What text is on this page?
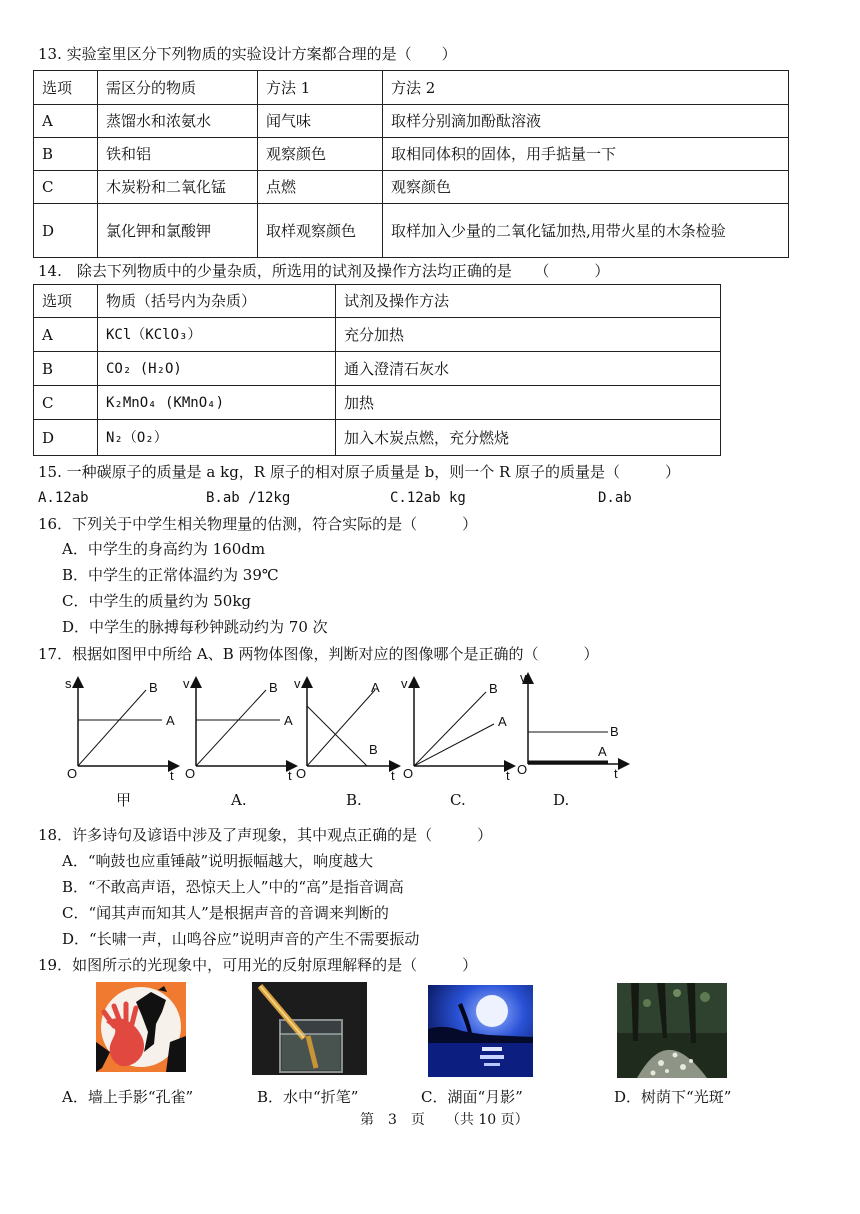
13. 实验室里区分下列物质的实验设计方案都合理的是（　　）
选项	需区分的物质	方法 1	方法 2
A	蒸馏水和浓氨水	闻气味	取样分别滴加酚酞溶液
B	铁和铝	观察颜色	取相同体积的固体，用手掂量一下
C	木炭粉和二氧化锰	点燃	观察颜色
D	氯化钾和氯酸钾	取样观察颜色	取样加入少量的二氧化锰加热,用带火星的木条检验
14.　除去下列物质中的少量杂质，所选用的试剂及操作方法均正确的是　　（　　　）
选项	物质（括号内为杂质）	试剂及操作方法
A	KCl（KClO₃）	充分加热
B	CO₂ (H₂O)	通入澄清石灰水
C	K₂MnO₄ (KMnO₄)	加热
D	N₂（O₂）	加入木炭点燃，充分燃烧
15. 一种碳原子的质量是 a kg，R 原子的相对原子质量是 b，则一个 R 原子的质量是（　　　）
A.12ab	B.ab /12kg	C.12ab kg	D.ab
16．下列关于中学生相关物理量的估测，符合实际的是（　　　）
A．中学生的身高约为 160dm
B．中学生的正常体温约为 39℃
C．中学生的质量约为 50kg
D．中学生的脉搏每秒钟跳动约为 70 次
17．根据如图甲中所给 A、B 两物体图像，判断对应的图像哪个是正确的（　　　）
s
t
O
B
A
v
t
O
B
A
v
t
O
A
B
v
t
O
B
A
v
t
O
B
A
甲	A.	B.	C.	D.
18．许多诗句及谚语中涉及了声现象，其中观点正确的是（　　　）
A．“响鼓也应重锤敲”说明振幅越大，响度越大
B．“不敢高声语，恐惊天上人”中的“高”是指音调高
C．“闻其声而知其人”是根据声音的音调来判断的
D．“长啸一声，山鸣谷应”说明声音的产生不需要振动
19．如图所示的光现象中，可用光的反射原理解释的是（　　　）
A．墙上手影“孔雀”	B．水中“折笔”	C．湖面“月影”	D．树荫下“光斑”
第　3　页　　（共 10 页）
